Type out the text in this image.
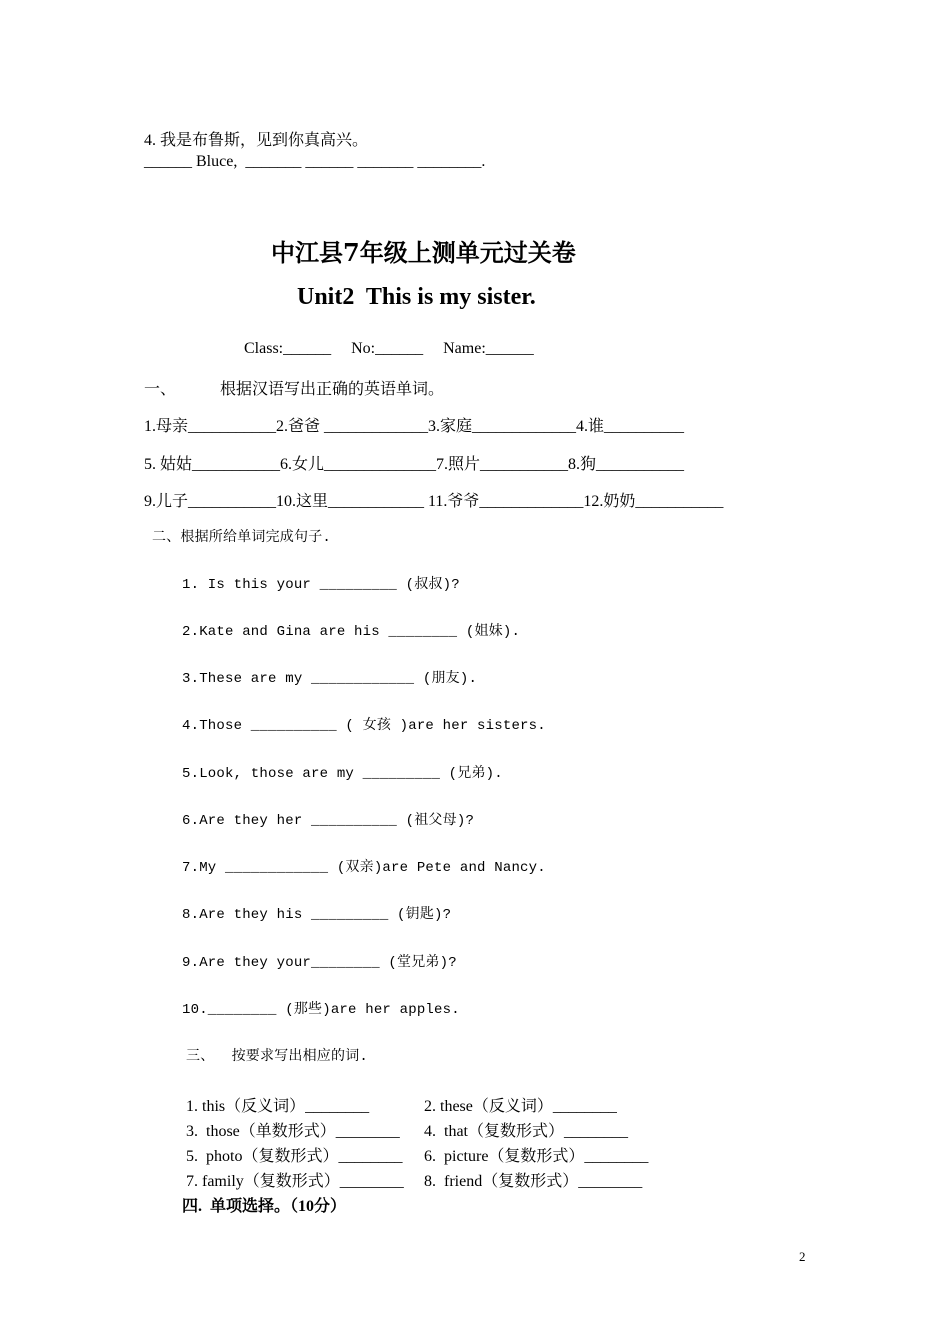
4. 我是布鲁斯，见到你真高兴。
______ Bluce,  _______ ______ _______ ________.
中江县7年级上测单元过关卷
Unit2  This is my sister.
Class:______     No:______     Name:______
一、	根据汉语写出正确的英语单词。
1.母亲___________2.爸爸 _____________3.家庭_____________4.谁__________
5. 姑姑___________6.女儿______________7.照片___________8.狗___________
9.儿子___________10.这里____________ 11.爷爷_____________12.奶奶___________
二、根据所给单词完成句子.
1. Is this your _________ (叔叔)?
2.Kate and Gina are his ________ (姐妹).
3.These are my ____________ (朋友).
4.Those __________ ( 女孩 )are her sisters.
5.Look, those are my _________ (兄弟).
6.Are they her __________ (祖父母)?
7.My ____________ (双亲)are Pete and Nancy.
8.Are they his _________ (钥匙)?
9.Are they your________ (堂兄弟)?
10.________ (那些)are her apples.
三、  按要求写出相应的词.
1. this（反义词）________	2. these（反义词）________
3.  those（单数形式）________ 4.  that（复数形式）________
5.  photo（复数形式）________ 6.  picture（复数形式）________
7. family（复数形式）________ 8.  friend（复数形式）________
四.  单项选择。（10分）
2
